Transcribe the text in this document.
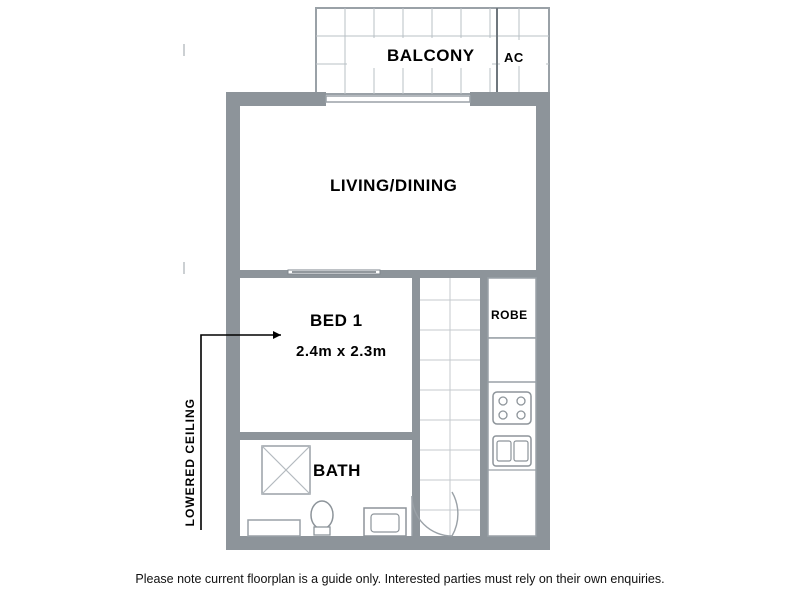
BALCONY AC
LIVING/DINING
BED 1
2.4m x 2.3m
ROBE
BATH
LOWERED CEILING
Please note current floorplan is a guide only. Interested parties must rely on their own enquiries.
